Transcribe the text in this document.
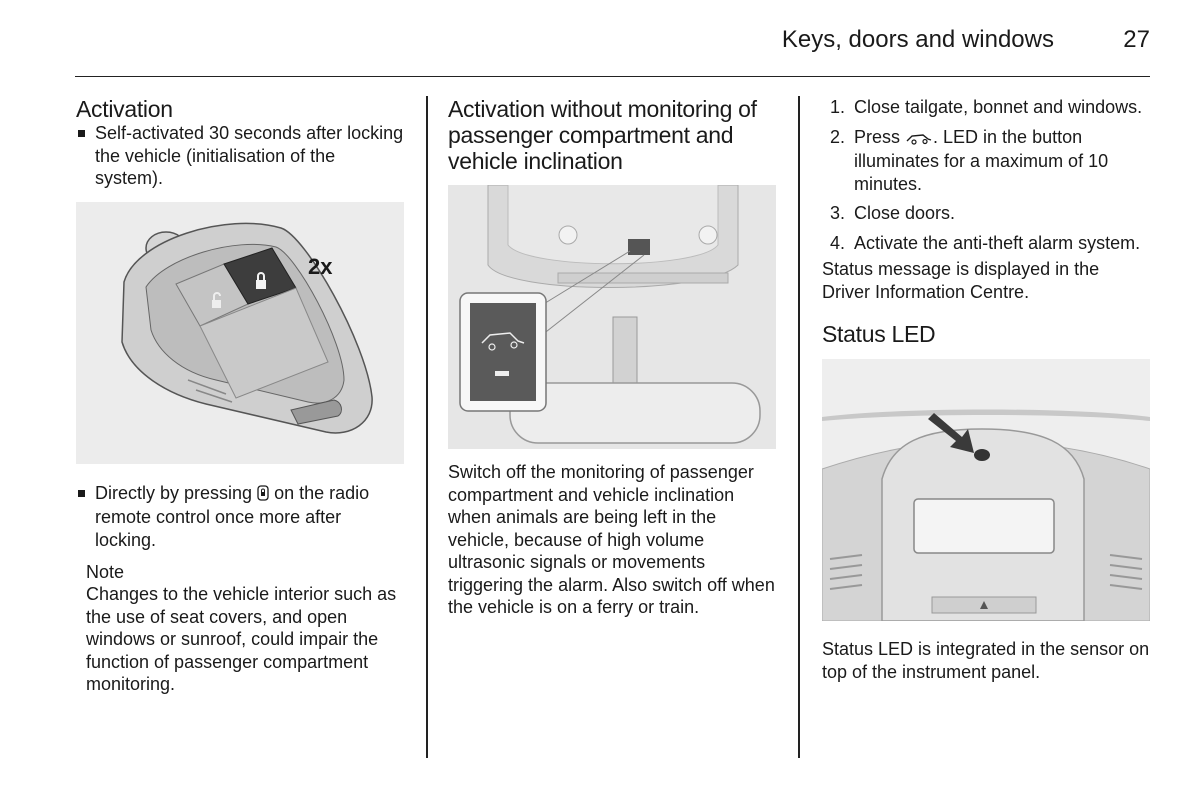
Keys, doors and windows	27
Activation
Self-activated 30 seconds after locking the vehicle (initialisation of the system).
2x
Directly by pressing  on the radio remote control once more after locking.
Note

Changes to the vehicle interior such as the use of seat covers, and open windows or sunroof, could impair the function of passenger compartment monitoring.

Activation without monitoring of passenger compartment and vehicle inclination

Switch off the monitoring of passenger compartment and vehicle inclination when animals are being left in the vehicle, because of high volume ultrasonic signals or movements triggering the alarm. Also switch off when the vehicle is on a ferry or train.

1. Close tailgate, bonnet and windows.
2. Press . LED in the button illuminates for a maximum of 10 minutes.
3. Close doors.
4. Activate the anti-theft alarm system.

Status message is displayed in the Driver Information Centre.

Status LED

Status LED is integrated in the sensor on top of the instrument panel.
